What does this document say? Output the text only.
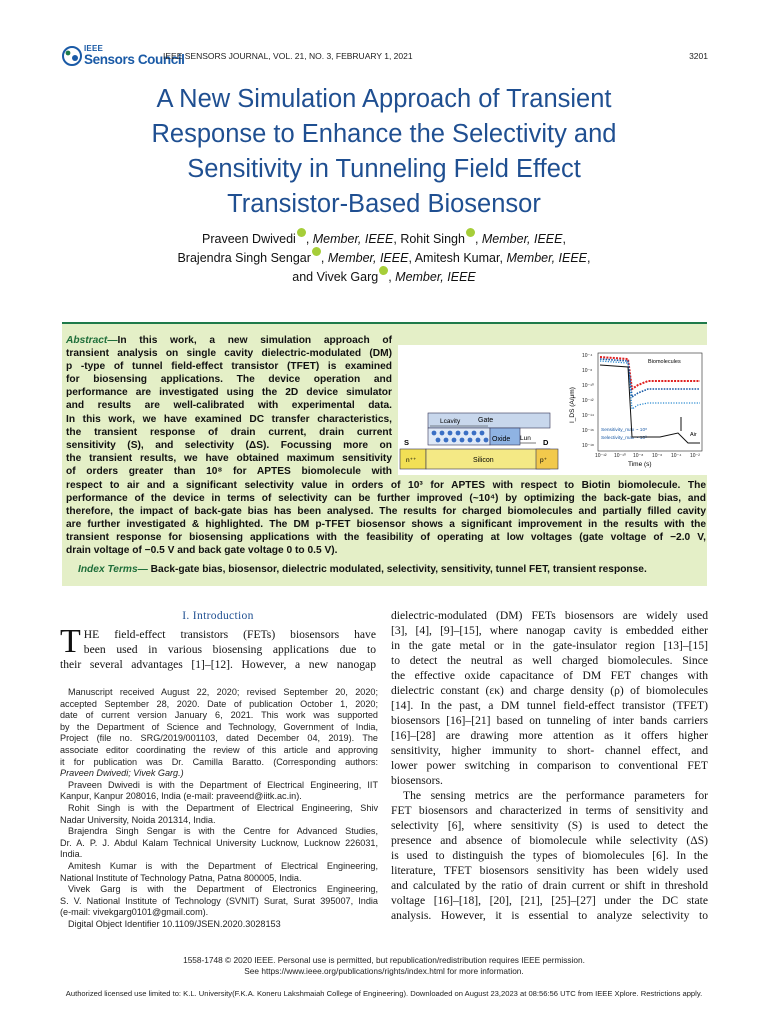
IEEE
Sensors Council
IEEE SENSORS JOURNAL, VOL. 21, NO. 3, FEBRUARY 1, 2021	3201
A New Simulation Approach of Transient
Response to Enhance the Selectivity and
Sensitivity in Tunneling Field Effect
Transistor-Based Biosensor
Praveen Dwivedi , Member, IEEE, Rohit Singh , Member, IEEE,
Brajendra Singh Sengar , Member, IEEE, Amitesh Kumar, Member, IEEE,
and Vivek Garg , Member, IEEE
Abstract—In this work, a new simulation approach of
transient analysis on single cavity dielectric-modulated (DM)
p -type of tunnel field-effect transistor (TFET) is examined
for biosensing applications. The device operation and
performance are investigated using the 2D device simulator
and results are well-calibrated with experimental data.
In this work, we have examined DC transfer characteristics,
the transient response of drain current, drain current
sensitivity (S), and selectivity (ΔS). Focussing more on
the transient results, we have obtained maximum sensitivity
of orders greater than 10⁸ for APTES biomolecule with
respect to air and a significant selectivity value in orders of 10³ for APTES with respect to Biotin biomolecule. The
performance of the device in terms of selectivity can be further improved (~10⁴) by optimizing the back-gate bias, and
therefore, the impact of back-gate bias has been analysed. The results for charged biomolecules and partially filled cavity
are further investigated & highlighted. The DM p-TFET biosensor shows a significant improvement in the results with the
transient response for biosensing applications with the feasibility of operating at low voltages (gate voltage of −2.0 V,
drain voltage of −0.5 V and back gate voltage 0 to 0.5 V).
Index Terms— Back-gate bias, biosensor, dielectric modulated, selectivity, sensitivity, tunnel FET, transient response.
S	D
n⁺⁺	p⁺
Silicon
Oxide
Gate
Lcavity
Lun
10⁻⁴
10⁻⁶
10⁻¹⁰
10⁻¹²
10⁻¹⁴
10⁻¹⁶
10⁻¹⁸
10⁻¹² 10⁻¹⁰ 10⁻⁸ 10⁻⁶ 10⁻⁴ 10⁻²
Time (s)
I_DS (A/μm)
Biomolecules
Air
Sensitivity_max ~ 10⁸
Selectivity_max ~ 10³
I. Introduction
T HE field-effect transistors (FETs) biosensors have
been used in various biosensing applications due to
their several advantages [1]–[12]. However, a new nanogap
Manuscript received August 22, 2020; revised September 20, 2020;
accepted September 28, 2020. Date of publication October 1, 2020;
date of current version January 6, 2021. This work was supported
by the Department of Science and Technology, Government of India,
Project (file no. SRG/2019/001103, dated December 04, 2019). The
associate editor coordinating the review of this article and approving
it for publication was Dr. Camilla Baratto. (Corresponding authors:
Praveen Dwivedi; Vivek Garg.)
Praveen Dwivedi is with the Department of Electrical Engineering, IIT
Kanpur, Kanpur 208016, India (e-mail: praveend@iitk.ac.in).
Rohit Singh is with the Department of Electrical Engineering, Shiv
Nadar University, Noida 201314, India.
Brajendra Singh Sengar is with the Centre for Advanced Studies,
Dr. A. P. J. Abdul Kalam Technical University Lucknow, Lucknow 226031,
India.
Amitesh Kumar is with the Department of Electrical Engineering,
National Institute of Technology Patna, Patna 800005, India.
Vivek Garg is with the Department of Electronics Engineering,
S. V. National Institute of Technology (SVNIT) Surat, Surat 395007, India
(e-mail: vivekgarg0101@gmail.com).
Digital Object Identifier 10.1109/JSEN.2020.3028153
dielectric-modulated (DM) FETs biosensors are widely used
[3], [4], [9]–[15], where nanogap cavity is embedded either
in the gate metal or in the gate-insulator region [13]–[15]
to detect the neutral as well charged biomolecules. Since
the effective oxide capacitance of DM FET changes with
dielectric constant (εκ) and charge density (ρ) of biomolecules
[14]. In the past, a DM tunnel field-effect transistor (TFET)
biosensors [16]–[21] based on tunneling of inter bands carriers
[16]–[28] are drawing more attention as it offers higher
sensitivity, higher immunity to short- channel effect, and
lower power switching in comparison to conventional FET
biosensors.
The sensing metrics are the performance parameters for
FET biosensors and characterized in terms of sensitivity and
selectivity [6], where sensitivity (S) is used to detect the
presence and absence of biomolecule while selectivity (ΔS)
is used to distinguish the types of biomolecules [6]. In the
literature, TFET biosensors sensitivity has been widely used
and calculated by the ratio of drain current or shift in threshold
voltage [16]–[18], [20], [21], [25]–[27] under the DC state
analysis. However, it is essential to analyze selectivity to
1558-1748 © 2020 IEEE. Personal use is permitted, but republication/redistribution requires IEEE permission.
See https://www.ieee.org/publications/rights/index.html for more information.
Authorized licensed use limited to: K.L. University(F.K.A. Koneru Lakshmaiah College of Engineering). Downloaded on August 23,2023 at 08:56:56 UTC from IEEE Xplore. Restrictions apply.
